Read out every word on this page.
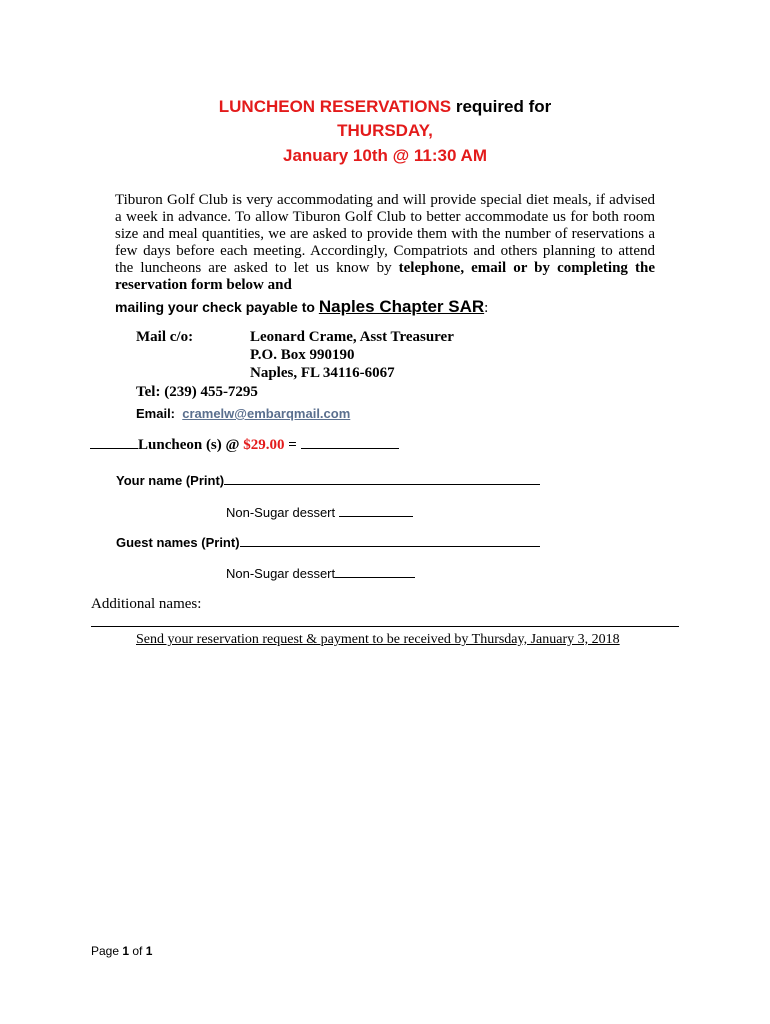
LUNCHEON RESERVATIONS required for
THURSDAY,
January 10th @ 11:30 AM
Tiburon Golf Club is very accommodating and will provide special diet meals, if advised
a week in advance. To allow Tiburon Golf Club to better accommodate us for both room
size and meal quantities, we are asked to provide them with the number of reservations a
few days before each meeting. Accordingly, Compatriots and others planning to attend
the luncheons are asked to let us know by telephone, email or by completing the
reservation form below and
mailing your check payable to Naples Chapter SAR:
Mail c/o:	Leonard Crame, Asst Treasurer
P.O. Box 990190
Naples, FL 34116-6067
Tel: (239) 455-7295
Email: cramelw@embarqmail.com
Luncheon (s) @ $29.00 =
Your name (Print)
Non-Sugar dessert
Guest names (Print)
Non-Sugar dessert
Additional names:
Send your reservation request & payment to be received by Thursday, January 3, 2018
Page 1 of 1
